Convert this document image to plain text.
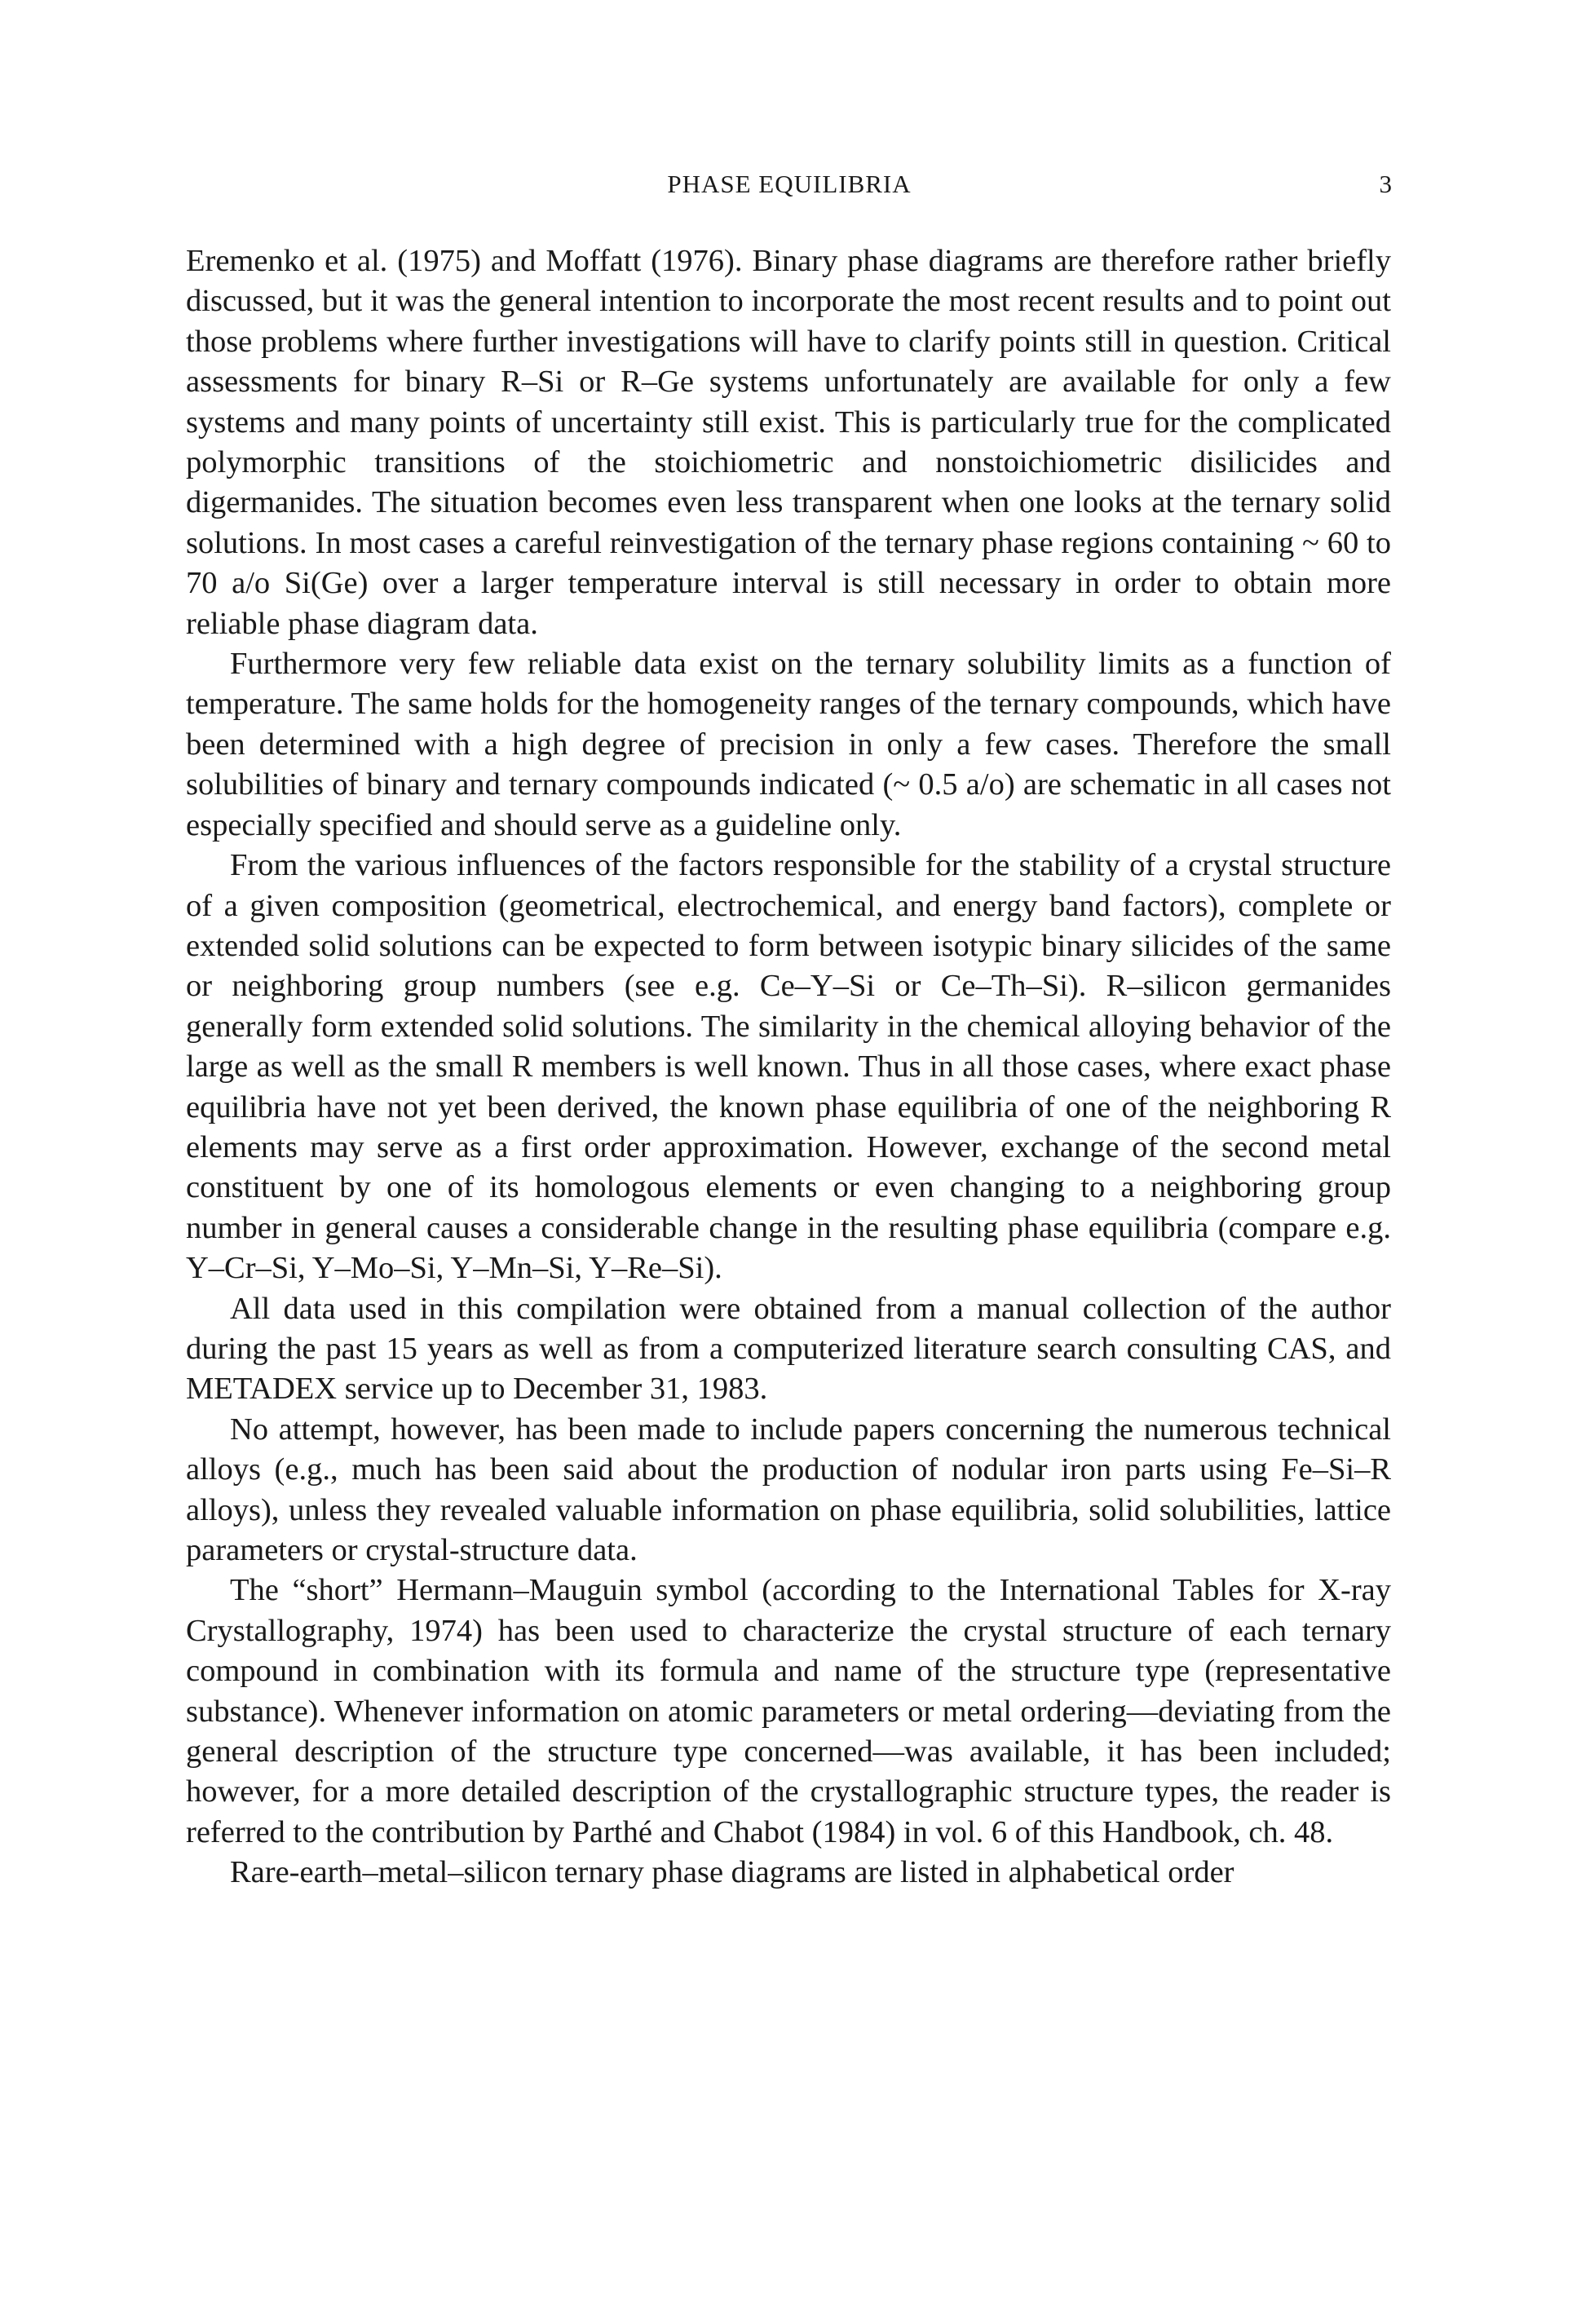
PHASE EQUILIBRIA	3

Eremenko et al. (1975) and Moffatt (1976). Binary phase diagrams are therefore rather briefly discussed, but it was the general intention to incorporate the most recent results and to point out those problems where further investigations will have to clarify points still in question. Critical assessments for binary R–Si or R–Ge systems unfortunately are available for only a few systems and many points of uncertainty still exist. This is particularly true for the complicated polymorphic transitions of the stoichiometric and nonstoichiometric disilicides and digermanides. The situation becomes even less transparent when one looks at the ternary solid solutions. In most cases a careful reinvestigation of the ternary phase regions containing ~ 60 to 70 a/o Si(Ge) over a larger temperature interval is still necessary in order to obtain more reliable phase diagram data.

Furthermore very few reliable data exist on the ternary solubility limits as a function of temperature. The same holds for the homogeneity ranges of the ternary compounds, which have been determined with a high degree of precision in only a few cases. Therefore the small solubilities of binary and ternary compounds indicated (~ 0.5 a/o) are schematic in all cases not especially specified and should serve as a guideline only.

From the various influences of the factors responsible for the stability of a crystal structure of a given composition (geometrical, electrochemical, and energy band factors), complete or extended solid solutions can be expected to form between isotypic binary silicides of the same or neighboring group numbers (see e.g. Ce–Y–Si or Ce–Th–Si). R–silicon germanides generally form extended solid solutions. The similarity in the chemical alloying behavior of the large as well as the small R members is well known. Thus in all those cases, where exact phase equilibria have not yet been derived, the known phase equilibria of one of the neighboring R elements may serve as a first order approximation. However, exchange of the second metal constituent by one of its homologous elements or even changing to a neighboring group number in general causes a considerable change in the resulting phase equilibria (compare e.g. Y–Cr–Si, Y–Mo–Si, Y–Mn–Si, Y–Re–Si).

All data used in this compilation were obtained from a manual collection of the author during the past 15 years as well as from a computerized literature search consulting CAS, and METADEX service up to December 31, 1983.

No attempt, however, has been made to include papers concerning the numerous technical alloys (e.g., much has been said about the production of nodular iron parts using Fe–Si–R alloys), unless they revealed valuable information on phase equilibria, solid solubilities, lattice parameters or crystal-structure data.

The “short” Hermann–Mauguin symbol (according to the International Tables for X-ray Crystallography, 1974) has been used to characterize the crystal structure of each ternary compound in combination with its formula and name of the structure type (representative substance). Whenever information on atomic parameters or metal ordering—deviating from the general description of the structure type concerned—was available, it has been included; however, for a more detailed description of the crystallographic structure types, the reader is referred to the contribution by Parthé and Chabot (1984) in vol. 6 of this Handbook, ch. 48.

Rare-earth–metal–silicon ternary phase diagrams are listed in alphabetical order
